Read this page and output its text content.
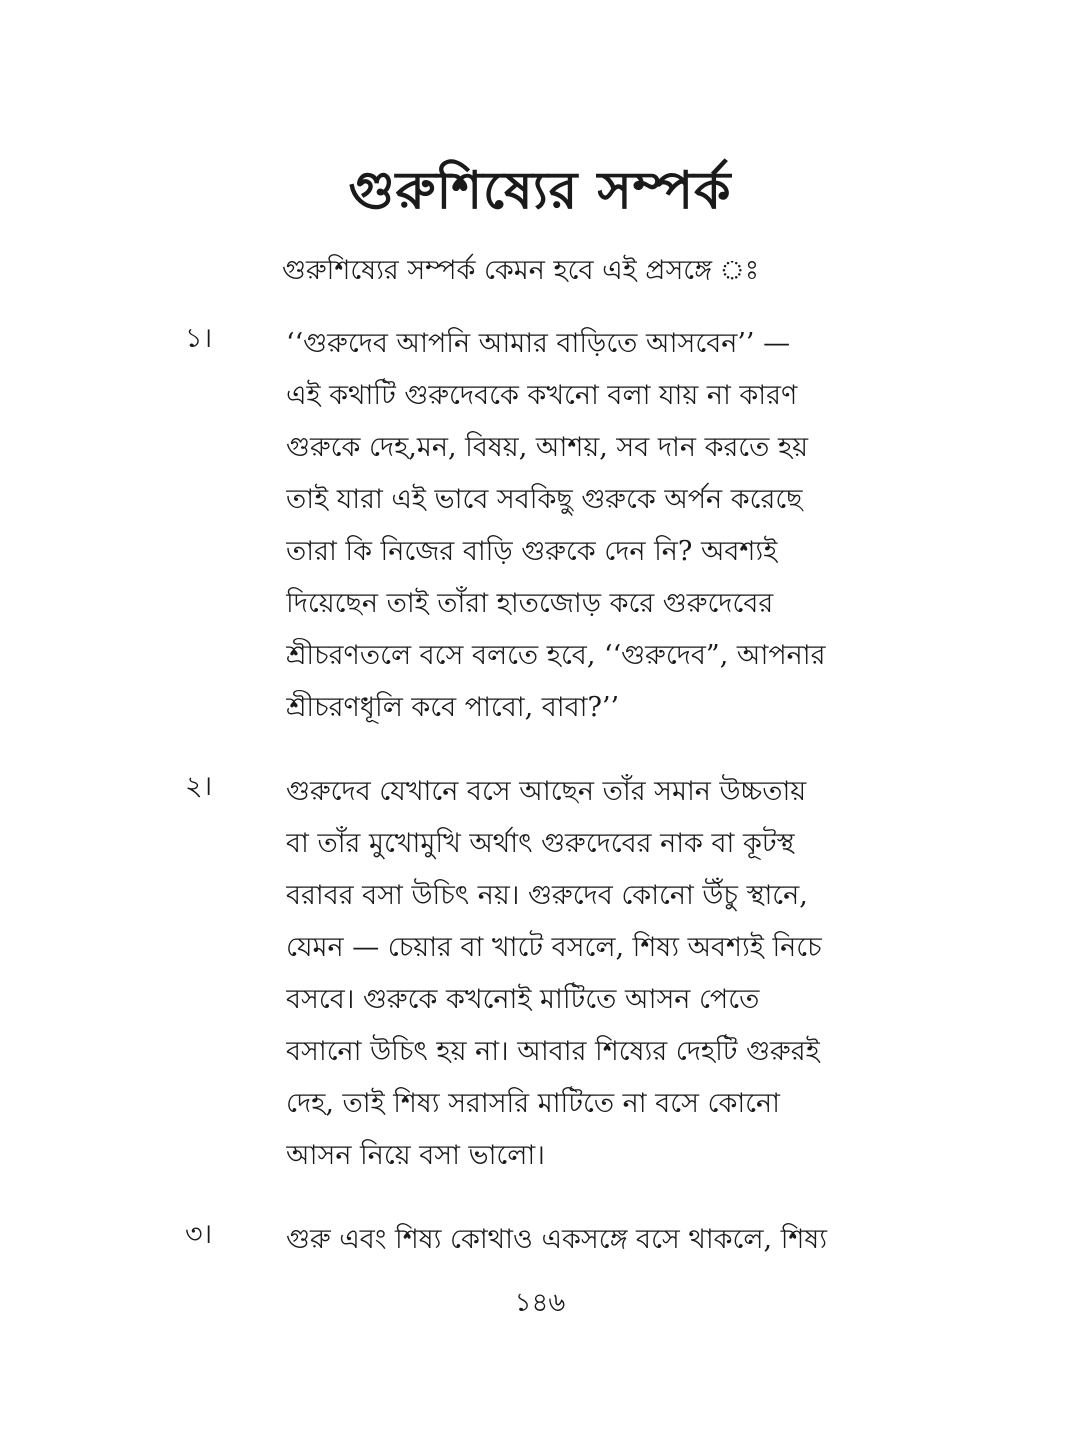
গুরুশিষ্যের সম্পর্ক

গুরুশিষ্যের সম্পর্ক কেমন হবে এই প্রসঙ্গে ঃ

১।	‘‘গুরুদেব আপনি আমার বাড়িতে আসবেন’’ —
এই কথাটি গুরুদেবকে কখনো বলা যায় না কারণ
গুরুকে দেহ,মন, বিষয়, আশয়, সব দান করতে হয়
তাই যারা এই ভাবে সবকিছু গুরুকে অর্পন করেছে
তারা কি নিজের বাড়ি গুরুকে দেন নি? অবশ্যই
দিয়েছেন তাই তাঁরা হাতজোড় করে গুরুদেবের
শ্রীচরণতলে বসে বলতে হবে, ‘‘গুরুদেব”, আপনার
শ্রীচরণধূলি কবে পাবো, বাবা?’’
২।	গুরুদেব যেখানে বসে আছেন তাঁর সমান উচ্চতায়
বা তাঁর মুখোমুখি অর্থাৎ গুরুদেবের নাক বা কূটস্থ
বরাবর বসা উচিৎ নয়। গুরুদেব কোনো উঁচু স্থানে,
যেমন — চেয়ার বা খাটে বসলে, শিষ্য অবশ্যই নিচে
বসবে। গুরুকে কখনোই মাটিতে আসন পেতে
বসানো উচিৎ হয় না। আবার শিষ্যের দেহটি গুরুরই
দেহ, তাই শিষ্য সরাসরি মাটিতে না বসে কোনো
আসন নিয়ে বসা ভালো।
৩।	গুরু এবং শিষ্য কোথাও একসঙ্গে বসে থাকলে, শিষ্য
১৪৬
